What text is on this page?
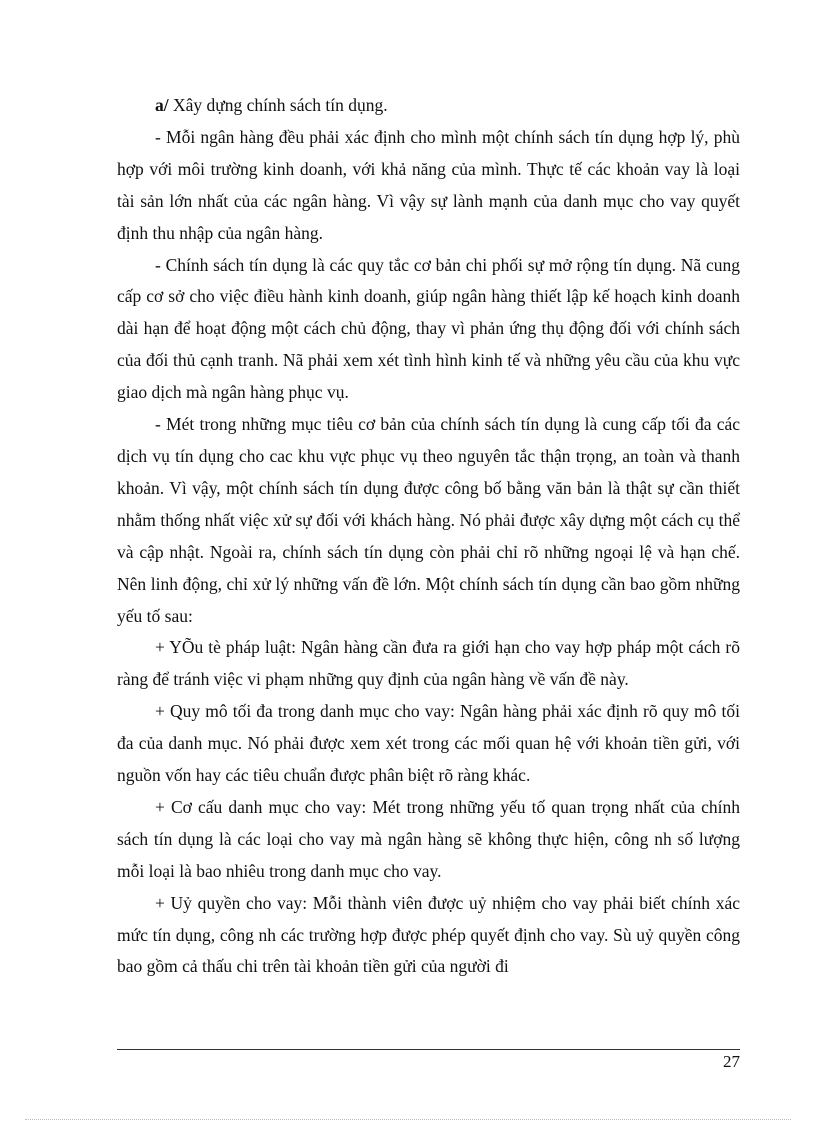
a/ Xây dựng chính sách tín dụng.

- Mỗi ngân hàng đều phải xác định cho mình một chính sách tín dụng hợp lý, phù hợp với môi trường kinh doanh, với khả năng của mình. Thực tế các khoản vay là loại tài sản lớn nhất của các ngân hàng. Vì vậy sự lành mạnh của danh mục cho vay quyết định thu nhập của ngân hàng.

- Chính sách tín dụng là các quy tắc cơ bản chi phối sự mở rộng tín dụng. Nã cung cấp cơ sở cho việc điều hành kinh doanh, giúp ngân hàng thiết lập kế hoạch kinh doanh dài hạn để hoạt động một cách chủ động, thay vì phản ứng thụ động đối với chính sách của đối thủ cạnh tranh. Nã phải xem xét tình hình kinh tế và những yêu cầu của khu vực giao dịch mà ngân hàng phục vụ.

- Mét trong những mục tiêu cơ bản của chính sách tín dụng là cung cấp tối đa các dịch vụ tín dụng cho cac khu vực phục vụ theo nguyên tắc thận trọng, an toàn và thanh khoản. Vì vậy, một chính sách tín dụng được công bố bằng văn bản là thật sự cần thiết nhằm thống nhất việc xử sự đối với khách hàng. Nó phải được xây dựng một cách cụ thể và cập nhật. Ngoài ra, chính sách tín dụng còn phải chỉ rõ những ngoại lệ và hạn chế. Nên linh động, chỉ xử lý những vấn đề lớn. Một chính sách tín dụng cần bao gồm những yếu tố sau:

+ YÕu tè pháp luật: Ngân hàng cần đưa ra giới hạn cho vay hợp pháp một cách rõ ràng để tránh việc vi phạm những quy định của ngân hàng về vấn đề này.

+ Quy mô tối đa trong danh mục cho vay: Ngân hàng phải xác định rõ quy mô tối đa của danh mục. Nó phải được xem xét trong các mối quan hệ với khoản tiền gửi, với nguồn vốn hay các tiêu chuẩn được phân biệt rõ ràng khác.

+ Cơ cấu danh mục cho vay: Mét trong những yếu tố quan trọng nhất của chính sách tín dụng là các loại cho vay mà ngân hàng sẽ không thực hiện, công nh số lượng mỗi loại là bao nhiêu trong danh mục cho vay.

+ Uỷ quyền cho vay: Mỗi thành viên được uỷ nhiệm cho vay phải biết chính xác mức tín dụng, công nh các trường hợp được phép quyết định cho vay. Sù uỷ quyền công bao gồm cả thấu chi trên tài khoản tiền gửi của người đi

27
